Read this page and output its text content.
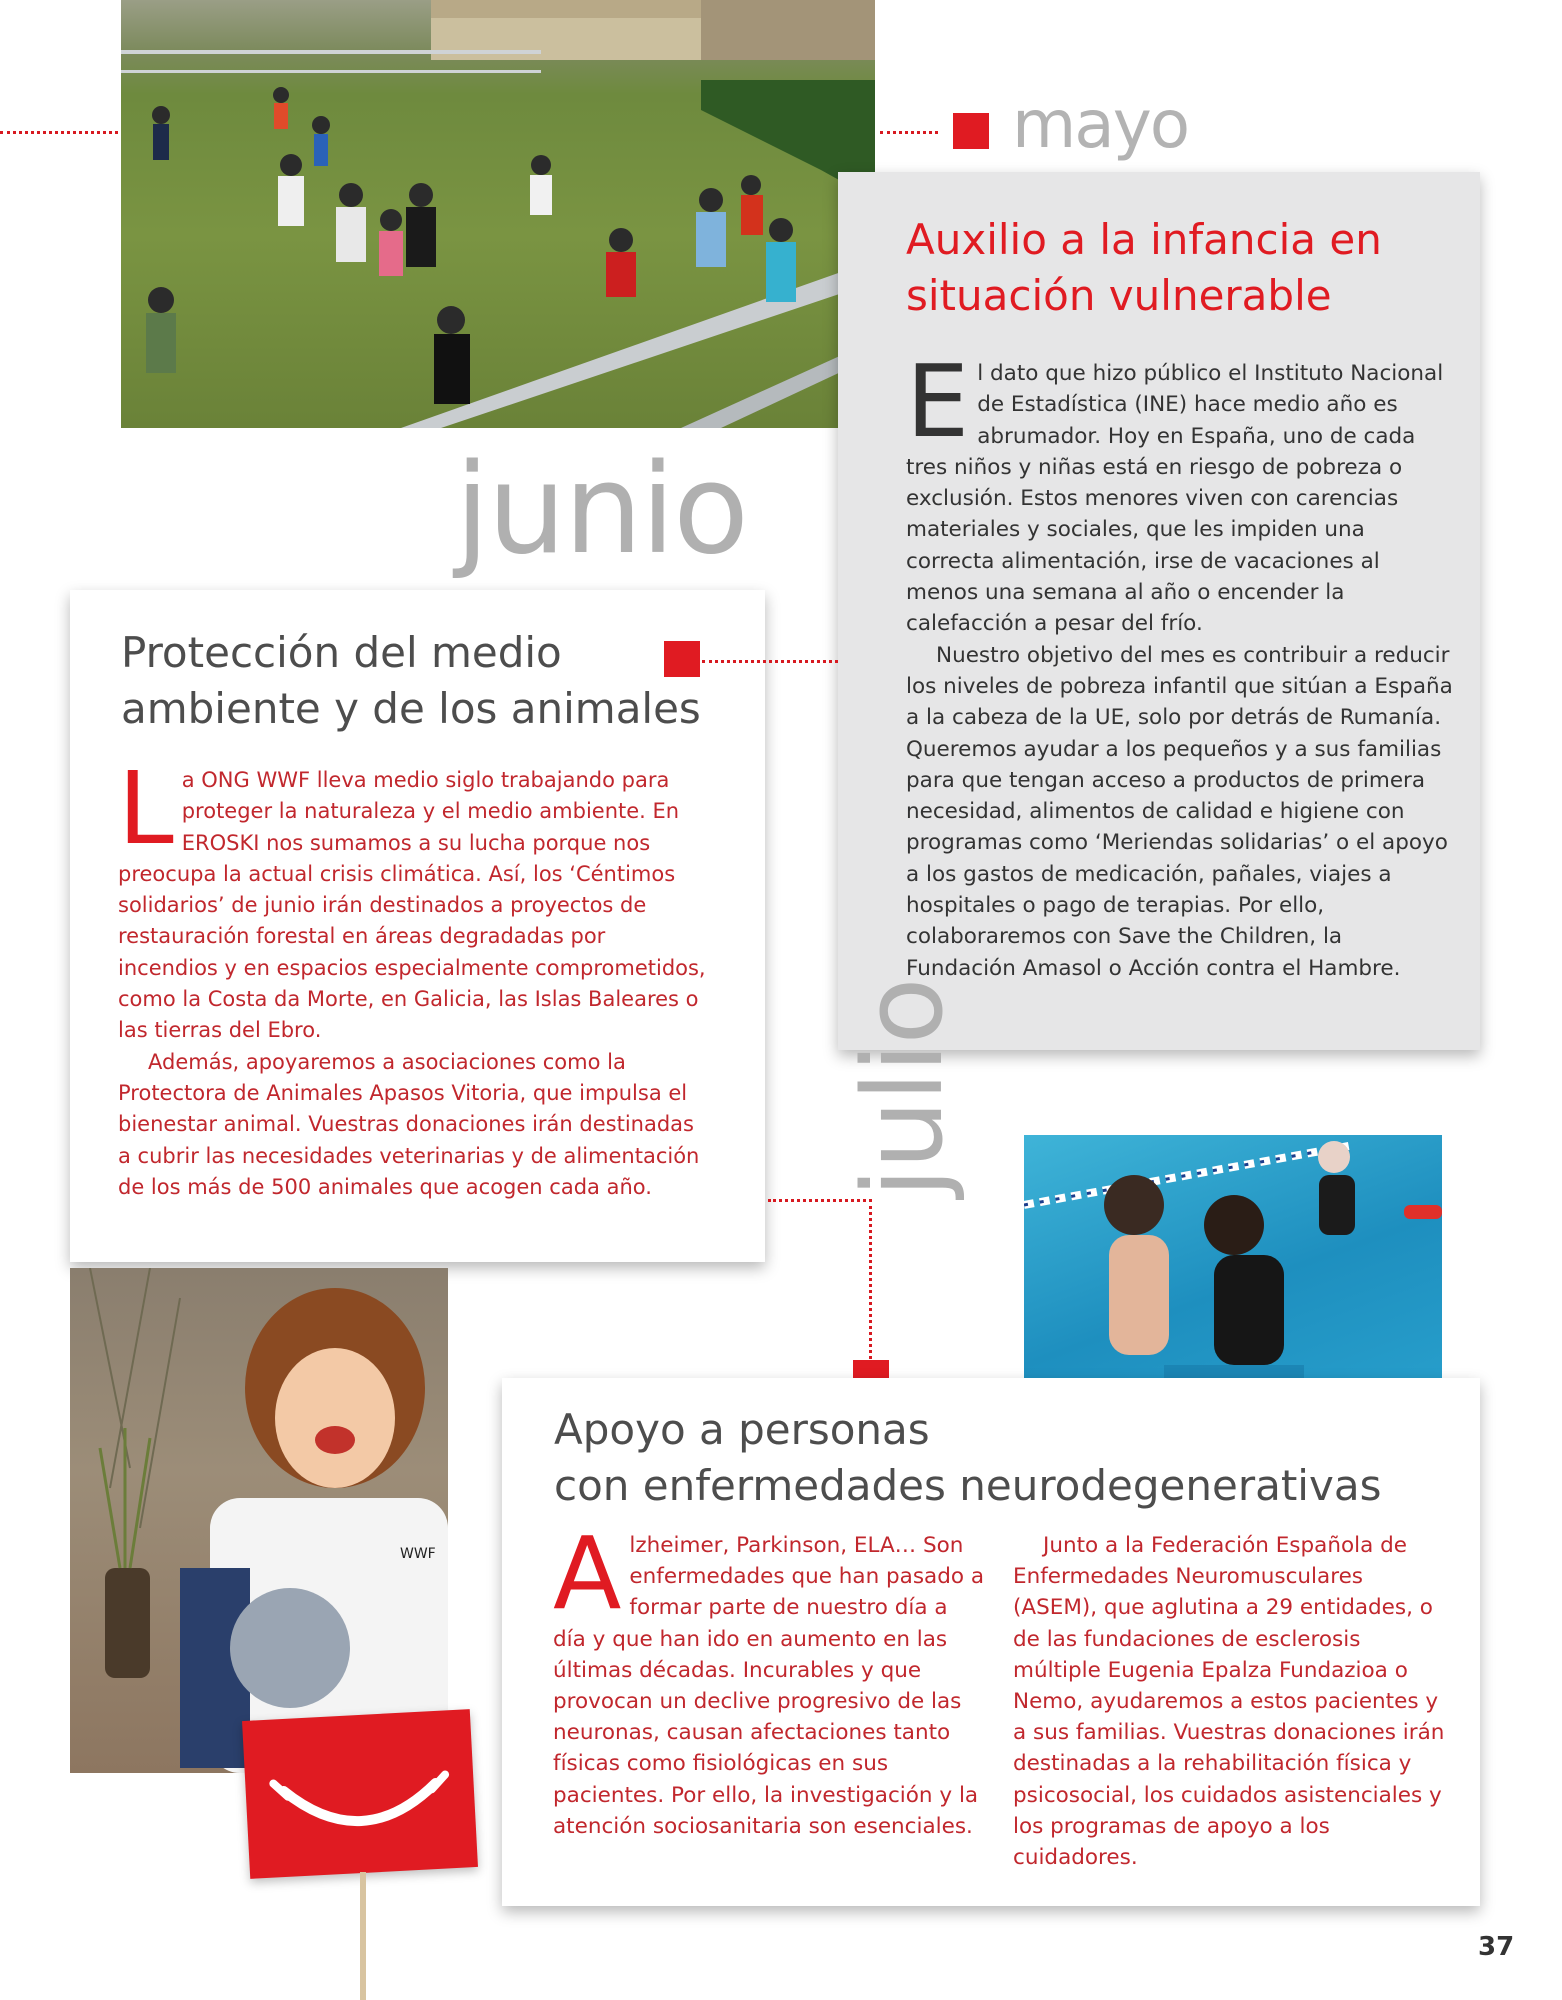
mayo
Auxilio a la infancia en
situación vulnerable

El dato que hizo público el Instituto Nacional de Estadística (INE) hace medio año es abrumador. Hoy en España, uno de cada tres niños y niñas está en riesgo de pobreza o exclusión. Estos menores viven con carencias materiales y sociales, que les impiden una correcta alimentación, irse de vacaciones al menos una semana al año o encender la calefacción a pesar del frío.

Nuestro objetivo del mes es contribuir a reducir los niveles de pobreza infantil que sitúan a España a la cabeza de la UE, solo por detrás de Rumanía. Queremos ayudar a los pequeños y a sus familias para que tengan acceso a productos de primera necesidad, alimentos de calidad e higiene con programas como ‘Meriendas solidarias’ o el apoyo a los gastos de medicación, pañales, viajes a hospitales o pago de terapias. Por ello, colaboraremos con Save the Children, la Fundación Amasol o Acción contra el Hambre.

junio
Protección del medio
ambiente y de los animales

La ONG WWF lleva medio siglo trabajando para proteger la naturaleza y el medio ambiente. En EROSKI nos sumamos a su lucha porque nos preocupa la actual crisis climática. Así, los ‘Céntimos solidarios’ de junio irán destinados a proyectos de restauración forestal en áreas degradadas por incendios y en espacios especialmente comprometidos, como la Costa da Morte, en Galicia, las Islas Baleares o las tierras del Ebro.

Además, apoyaremos a asociaciones como la Protectora de Animales Apasos Vitoria, que impulsa el bienestar animal. Vuestras donaciones irán destinadas a cubrir las necesidades veterinarias y de alimentación de los más de 500 animales que acogen cada año.

WWF
julio
Apoyo a personas
con enfermedades neurodegenerativas

Alzheimer, Parkinson, ELA… Son enfermedades que han pasado a formar parte de nuestro día a día y que han ido en aumento en las últimas décadas. Incurables y que provocan un declive progresivo de las neuronas, causan afectaciones tanto físicas como fisiológicas en sus pacientes. Por ello, la investigación y la atención sociosanitaria son esenciales.

Junto a la Federación Española de Enfermedades Neuromusculares (ASEM), que aglutina a 29 entidades, o de las fundaciones de esclerosis múltiple Eugenia Epalza Fundazioa o Nemo, ayudaremos a estos pacientes y a sus familias. Vuestras donaciones irán destinadas a la rehabilitación física y psicosocial, los cuidados asistenciales y los programas de apoyo a los cuidadores.

37
